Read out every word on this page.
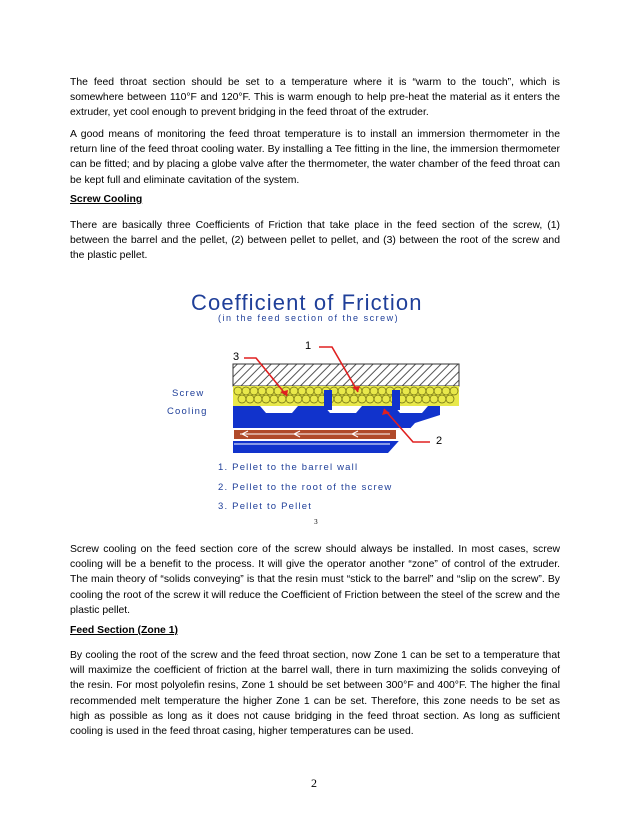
The feed throat section should be set to a temperature where it is “warm to the touch”, which is somewhere between 110°F and 120°F. This is warm enough to help pre-heat the material as it enters the extruder, yet cool enough to prevent bridging in the feed throat of the extruder.

A good means of monitoring the feed throat temperature is to install an immersion thermometer in the return line of the feed throat cooling water. By installing a Tee fitting in the line, the immersion thermometer can be fitted; and by placing a globe valve after the thermometer, the water chamber of the feed throat can be kept full and eliminate cavitation of the system.

Screw Cooling

There are basically three Coefficients of Friction that take place in the feed section of the screw, (1) between the barrel and the pellet, (2) between pellet to pellet, and (3) between the root of the screw and the plastic pellet.

Coefficient of Friction
(in the feed section of the screw)
1
3
2
Screw
Cooling
1. Pellet to the barrel wall
2. Pellet to the root of the screw
3. Pellet to Pellet
3

Screw cooling on the feed section core of the screw should always be installed. In most cases, screw cooling will be a benefit to the process. It will give the operator another “zone” of control of the extruder. The main theory of “solids conveying” is that the resin must “stick to the barrel” and “slip on the screw”. By cooling the root of the screw it will reduce the Coefficient of Friction between the steel of the screw and the plastic pellet.

Feed Section (Zone 1)

By cooling the root of the screw and the feed throat section, now Zone 1 can be set to a temperature that will maximize the coefficient of friction at the barrel wall, there in turn maximizing the solids conveying of the resin. For most polyolefin resins, Zone 1 should be set between 300°F and 400°F. The higher the final recommended melt temperature the higher Zone 1 can be set. Therefore, this zone needs to be set as high as possible as long as it does not cause bridging in the feed throat section. As long as sufficient cooling is used in the feed throat casing, higher temperatures can be used.

2
